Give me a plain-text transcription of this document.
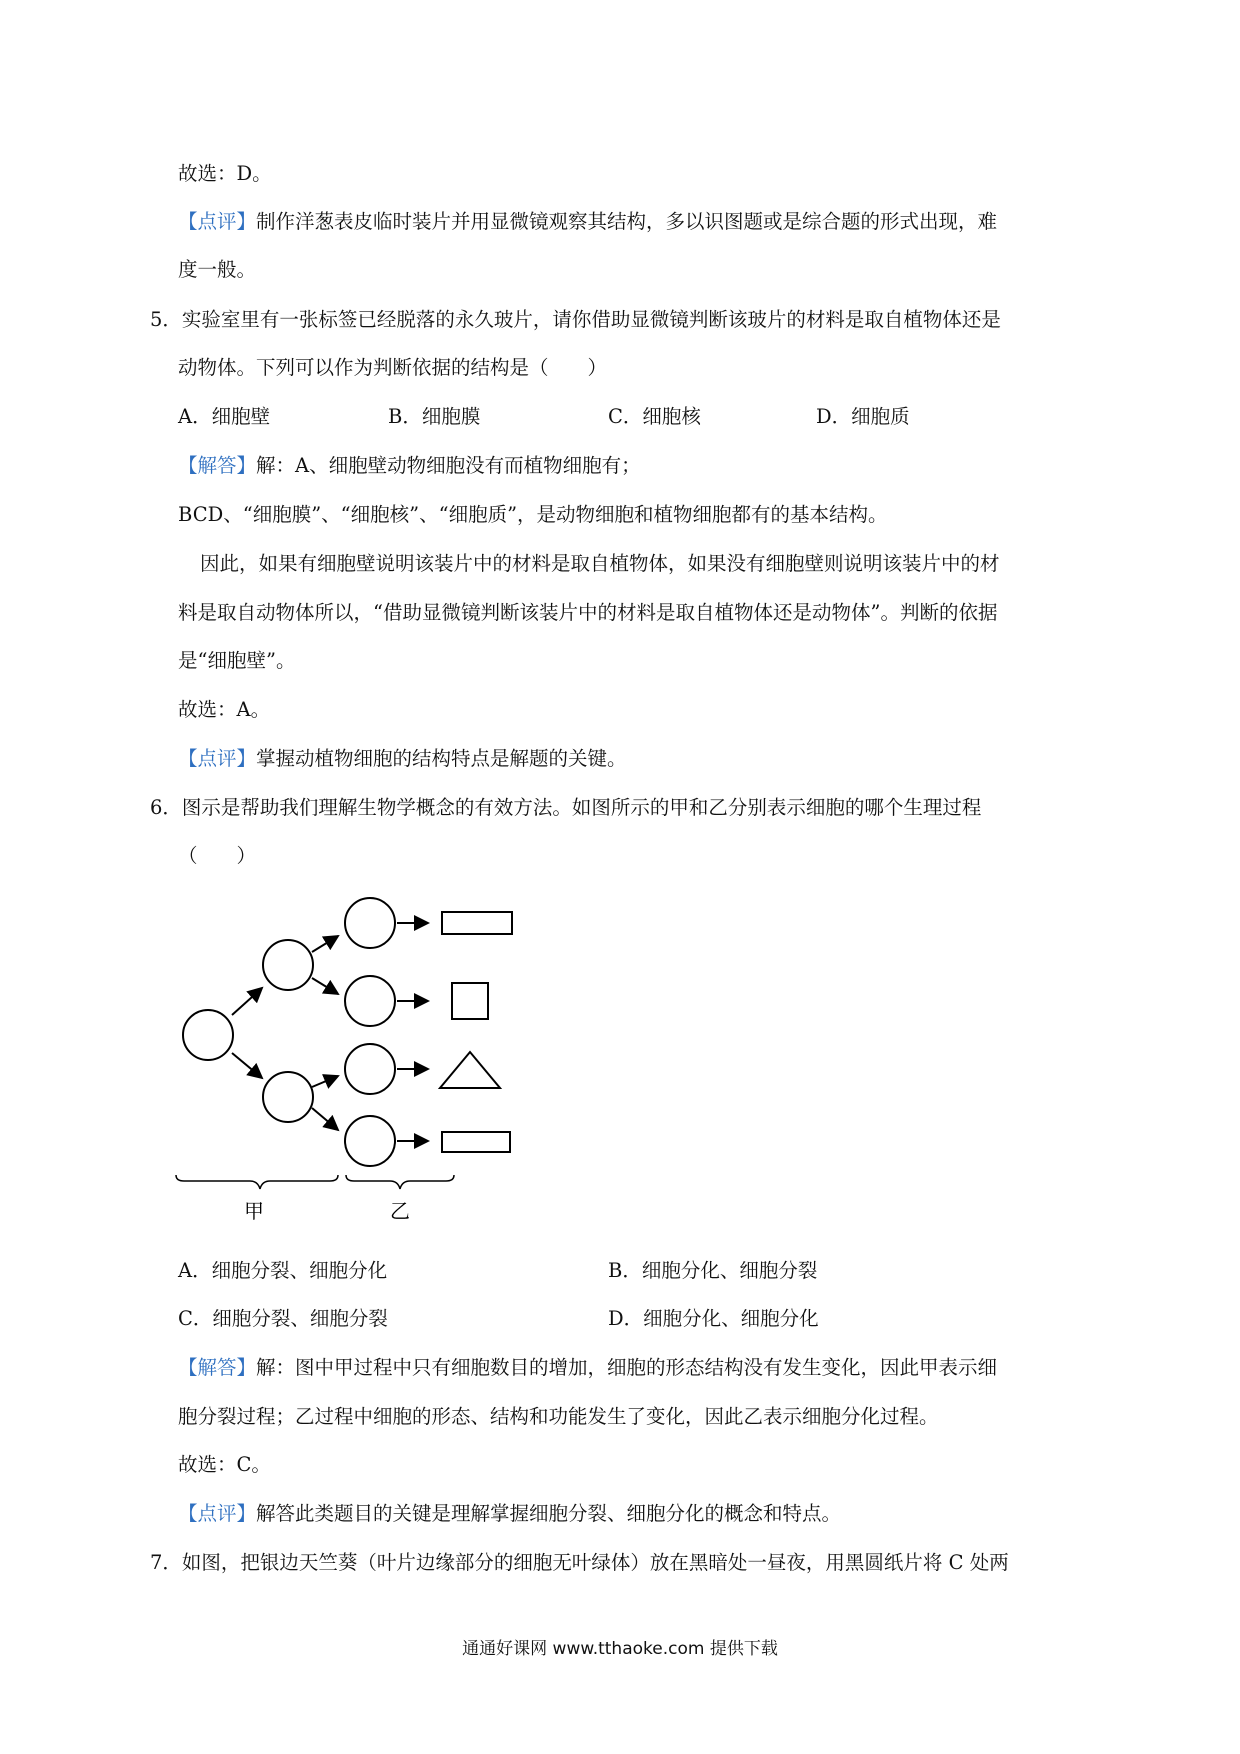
故选：D。
【点评】制作洋葱表皮临时装片并用显微镜观察其结构，多以识图题或是综合题的形式出现，难
度一般。
5．实验室里有一张标签已经脱落的永久玻片，请你借助显微镜判断该玻片的材料是取自植物体还是
动物体。下列可以作为判断依据的结构是（　　）
A．细胞壁	B．细胞膜	C．细胞核	D．细胞质
【解答】解：A、细胞壁动物细胞没有而植物细胞有；
BCD、“细胞膜”、“细胞核”、“细胞质”，是动物细胞和植物细胞都有的基本结构。
因此，如果有细胞壁说明该装片中的材料是取自植物体，如果没有细胞壁则说明该装片中的材
料是取自动物体所以，“借助显微镜判断该装片中的材料是取自植物体还是动物体”。判断的依据
是“细胞壁”。
故选：A。
【点评】掌握动植物细胞的结构特点是解题的关键。
6．图示是帮助我们理解生物学概念的有效方法。如图所示的甲和乙分别表示细胞的哪个生理过程
（　　）
甲	乙
A．细胞分裂、细胞分化	B．细胞分化、细胞分裂
C．细胞分裂、细胞分裂	D．细胞分化、细胞分化
【解答】解：图中甲过程中只有细胞数目的增加，细胞的形态结构没有发生变化，因此甲表示细
胞分裂过程；乙过程中细胞的形态、结构和功能发生了变化，因此乙表示细胞分化过程。
故选：C。
【点评】解答此类题目的关键是理解掌握细胞分裂、细胞分化的概念和特点。
7．如图，把银边天竺葵（叶片边缘部分的细胞无叶绿体）放在黑暗处一昼夜，用黑圆纸片将 C 处两
通通好课网 www.tthaoke.com 提供下载
